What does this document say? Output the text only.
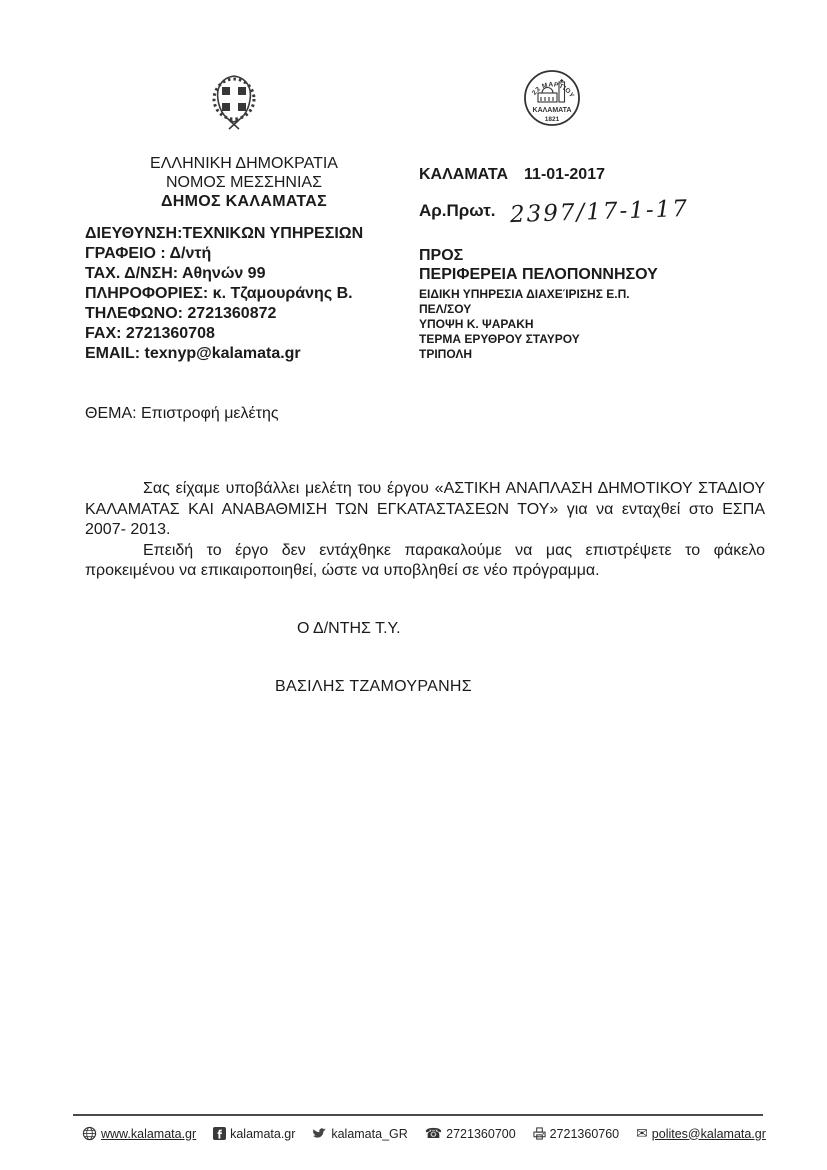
23 ΜΑΡΤΙΟΥ
ΚΑΛΑΜΑΤΑ
1821
ΕΛΛΗΝΙΚΗ ΔΗΜΟΚΡΑΤΙΑ
ΝΟΜΟΣ ΜΕΣΣΗΝΙΑΣ
ΔΗΜΟΣ ΚΑΛΑΜΑΤΑΣ
ΔΙΕΥΘΥΝΣΗ:ΤΕΧΝΙΚΩΝ ΥΠΗΡΕΣΙΩΝ
ΓΡΑΦΕΙΟ : Δ/ντή
ΤΑΧ. Δ/ΝΣΗ: Αθηνών 99
ΠΛΗΡΟΦΟΡΙΕΣ: κ. Τζαμουράνης Β.
ΤΗΛΕΦΩΝΟ: 2721360872
FAX: 2721360708
EMAIL: texnyp@kalamata.gr
ΚΑΛΑΜΑΤΑ 11-01-2017
Αρ.Πρωτ. 2397/17-1-17
ΠΡΟΣ
ΠΕΡΙΦΕΡΕΙΑ ΠΕΛΟΠΟΝΝΗΣΟΥ
ΕΙΔΙΚΗ ΥΠΗΡΕΣΙΑ ΔΙΑΧΕΊΡΙΣΗΣ Ε.Π.
ΠΕΛ/ΣΟΥ
ΥΠΟΨΗ Κ. ΨΑΡΑΚΗ
ΤΕΡΜΑ ΕΡΥΘΡΟΥ ΣΤΑΥΡΟΥ
ΤΡΙΠΟΛΗ
ΘΕΜΑ: Επιστροφή μελέτης

Σας είχαμε υποβάλλει μελέτη του έργου «ΑΣΤΙΚΗ ΑΝΑΠΛΑΣΗ ΔΗΜΟΤΙΚΟΥ ΣΤΑΔΙΟΥ ΚΑΛΑΜΑΤΑΣ ΚΑΙ ΑΝΑΒΑΘΜΙΣΗ ΤΩΝ ΕΓΚΑΤΑΣΤΑΣΕΩΝ ΤΟΥ» για να ενταχθεί στο ΕΣΠΑ 2007- 2013.

Επειδή το έργο δεν εντάχθηκε παρακαλούμε να μας επιστρέψετε το φάκελο προκειμένου να επικαιροποιηθεί, ώστε να υποβληθεί σε νέο πρόγραμμα.

Ο Δ/ΝΤΗΣ Τ.Υ.
ΒΑΣΙΛΗΣ ΤΖΑΜΟΥΡΑΝΗΣ
www.kalamata.gr	kalamata.gr	kalamata_GR ☎ 2721360700	2721360760 ✉ polites@kalamata.gr
